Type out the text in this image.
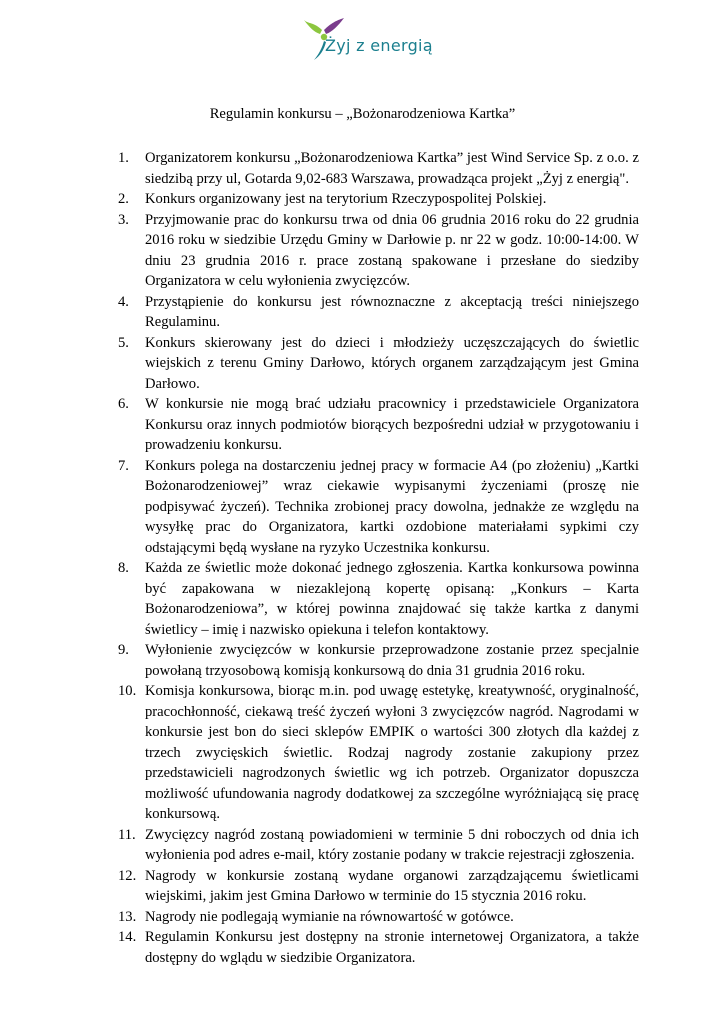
Żyj z energią
Regulamin konkursu – „Bożonarodzeniowa Kartka”
1.	Organizatorem konkursu „Bożonarodzeniowa Kartka” jest Wind Service Sp. z o.o. z siedzibą przy ul, Gotarda 9,02-683 Warszawa, prowadząca projekt „Żyj z energią".
2.	Konkurs organizowany jest na terytorium Rzeczypospolitej Polskiej.
3.	Przyjmowanie prac do konkursu trwa od dnia 06 grudnia 2016 roku do 22 grudnia 2016 roku w siedzibie Urzędu Gminy w Darłowie p. nr 22 w godz. 10:00-14:00. W dniu 23 grudnia 2016 r. prace zostaną spakowane i przesłane do siedziby Organizatora w celu wyłonienia zwycięzców.
4.	Przystąpienie do konkursu jest równoznaczne z akceptacją treści niniejszego Regulaminu.
5.	Konkurs skierowany jest do dzieci i młodzieży uczęszczających do świetlic wiejskich z terenu Gminy Darłowo, których organem zarządzającym jest Gmina Darłowo.
6.	W konkursie nie mogą brać udziału pracownicy i przedstawiciele Organizatora Konkursu oraz innych podmiotów biorących bezpośredni udział w przygotowaniu i prowadzeniu konkursu.
7.	Konkurs polega na dostarczeniu jednej pracy w formacie A4 (po złożeniu) „Kartki Bożonarodzeniowej” wraz ciekawie wypisanymi życzeniami (proszę nie podpisywać życzeń). Technika zrobionej pracy dowolna, jednakże ze względu na wysyłkę prac do Organizatora, kartki ozdobione materiałami sypkimi czy odstającymi będą wysłane na ryzyko Uczestnika konkursu.
8.	Każda ze świetlic może dokonać jednego zgłoszenia. Kartka konkursowa powinna być zapakowana w niezaklejoną kopertę opisaną: „Konkurs – Karta Bożonarodzeniowa”, w której powinna znajdować się także kartka z danymi świetlicy – imię i nazwisko opiekuna i telefon kontaktowy.
9.	Wyłonienie zwycięzców w konkursie przeprowadzone zostanie przez specjalnie powołaną trzyosobową komisją konkursową do dnia 31 grudnia 2016 roku.
10. Komisja konkursowa, biorąc m.in. pod uwagę estetykę, kreatywność, oryginalność, pracochłonność, ciekawą treść życzeń wyłoni 3 zwycięzców nagród. Nagrodami w konkursie jest bon do sieci sklepów EMPIK o wartości 300 złotych dla każdej z trzech zwycięskich świetlic. Rodzaj nagrody zostanie zakupiony przez przedstawicieli nagrodzonych świetlic wg ich potrzeb. Organizator dopuszcza możliwość ufundowania nagrody dodatkowej za szczególne wyróżniającą się pracę konkursową.
11. Zwycięzcy nagród zostaną powiadomieni w terminie 5 dni roboczych od dnia ich wyłonienia pod adres e-mail, który zostanie podany w trakcie rejestracji zgłoszenia.
12. Nagrody w konkursie zostaną wydane organowi zarządzającemu świetlicami wiejskimi, jakim jest Gmina Darłowo w terminie do 15 stycznia 2016 roku.
13. Nagrody nie podlegają wymianie na równowartość w gotówce.
14. Regulamin Konkursu jest dostępny na stronie internetowej Organizatora, a także dostępny do wglądu w siedzibie Organizatora.
